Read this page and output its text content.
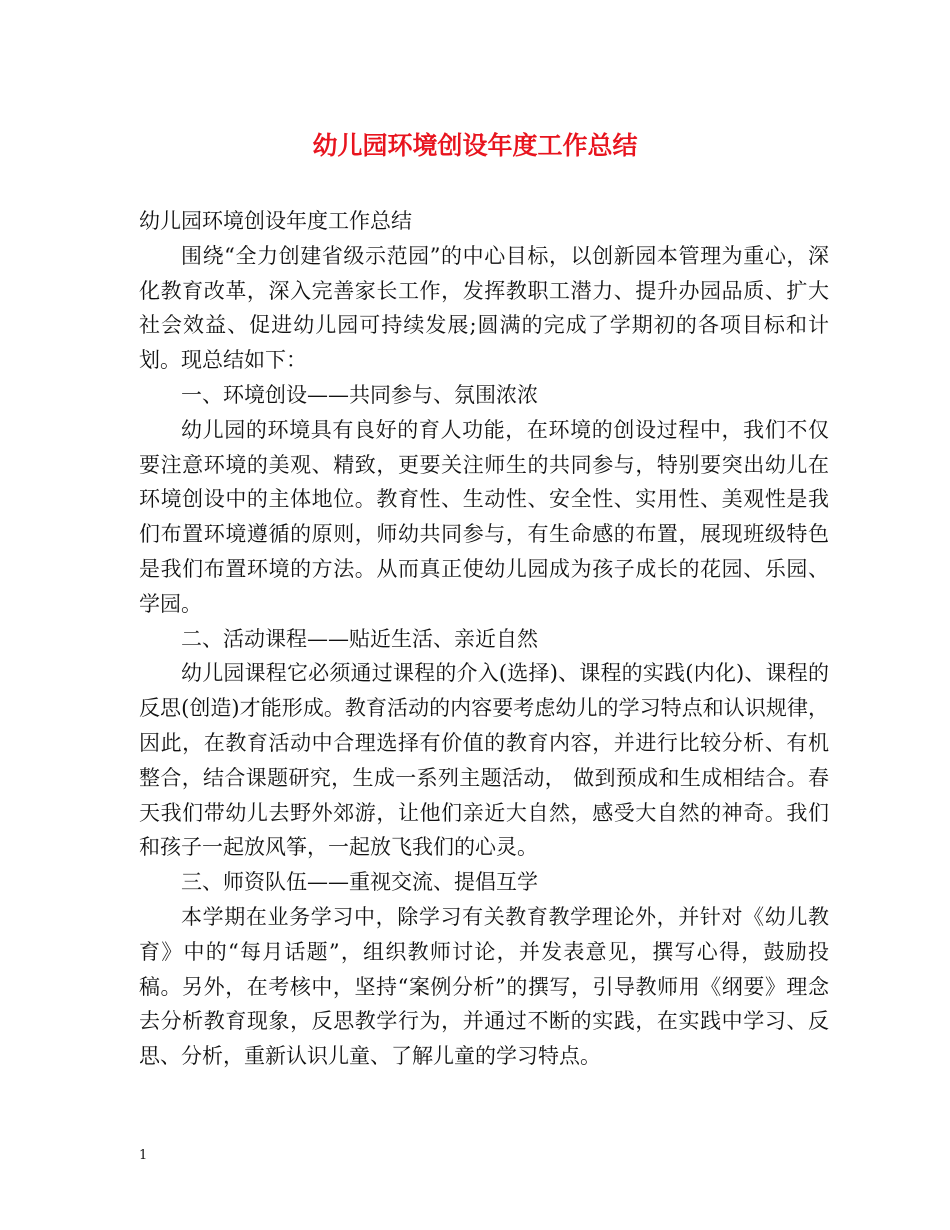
幼儿园环境创设年度工作总结

幼儿园环境创设年度工作总结

围绕“全力创建省级示范园”的中心目标，以创新园本管理为重心，深化教育改革，深入完善家长工作，发挥教职工潜力、提升办园品质、扩大社会效益、促进幼儿园可持续发展;圆满的完成了学期初的各项目标和计划。现总结如下：

一、环境创设——共同参与、氛围浓浓

幼儿园的环境具有良好的育人功能，在环境的创设过程中，我们不仅要注意环境的美观、精致，更要关注师生的共同参与，特别要突出幼儿在环境创设中的主体地位。教育性、生动性、安全性、实用性、美观性是我们布置环境遵循的原则，师幼共同参与，有生命感的布置，展现班级特色是我们布置环境的方法。从而真正使幼儿园成为孩子成长的花园、乐园、学园。

二、活动课程——贴近生活、亲近自然

幼儿园课程它必须通过课程的介入(选择)、课程的实践(内化)、课程的反思(创造)才能形成。教育活动的内容要考虑幼儿的学习特点和认识规律，因此，在教育活动中合理选择有价值的教育内容，并进行比较分析、有机整合，结合课题研究，生成一系列主题活动， 做到预成和生成相结合。春天我们带幼儿去野外郊游，让他们亲近大自然，感受大自然的神奇。我们和孩子一起放风筝，一起放飞我们的心灵。

三、师资队伍——重视交流、提倡互学

本学期在业务学习中，除学习有关教育教学理论外，并针对《幼儿教育》中的“每月话题”，组织教师讨论，并发表意见，撰写心得，鼓励投稿。另外，在考核中，坚持“案例分析”的撰写，引导教师用《纲要》理念去分析教育现象，反思教学行为，并通过不断的实践，在实践中学习、反思、分析，重新认识儿童、了解儿童的学习特点。

1
